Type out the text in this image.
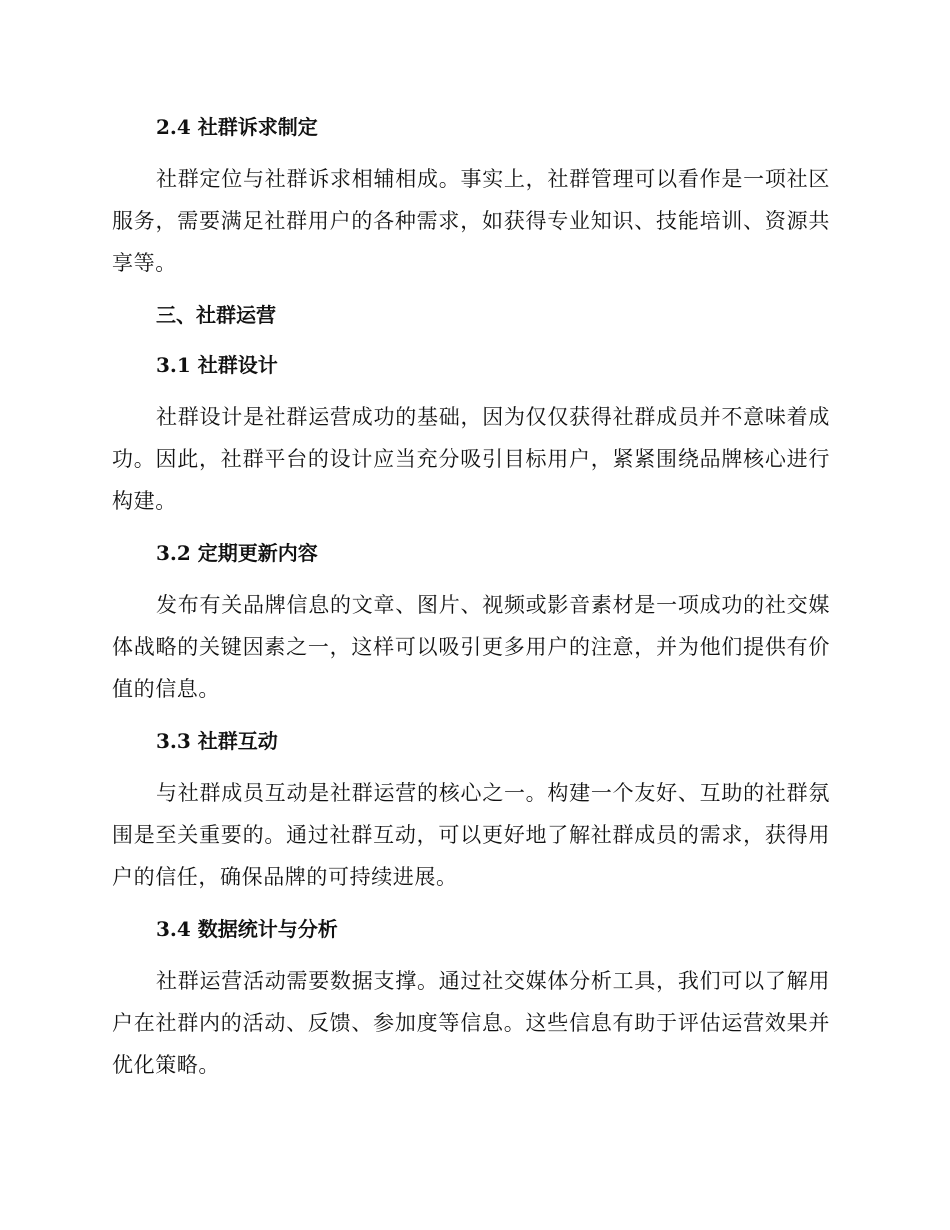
2.4 社群诉求制定

社群定位与社群诉求相辅相成。事实上，社群管理可以看作是一项社区服务，需要满足社群用户的各种需求，如获得专业知识、技能培训、资源共享等。

三、社群运营
3.1 社群设计

社群设计是社群运营成功的基础，因为仅仅获得社群成员并不意味着成功。因此，社群平台的设计应当充分吸引目标用户，紧紧围绕品牌核心进行构建。

3.2 定期更新内容

发布有关品牌信息的文章、图片、视频或影音素材是一项成功的社交媒体战略的关键因素之一，这样可以吸引更多用户的注意，并为他们提供有价值的信息。

3.3 社群互动

与社群成员互动是社群运营的核心之一。构建一个友好、互助的社群氛围是至关重要的。通过社群互动，可以更好地了解社群成员的需求，获得用户的信任，确保品牌的可持续进展。

3.4 数据统计与分析

社群运营活动需要数据支撑。通过社交媒体分析工具，我们可以了解用户在社群内的活动、反馈、参加度等信息。这些信息有助于评估运营效果并优化策略。
